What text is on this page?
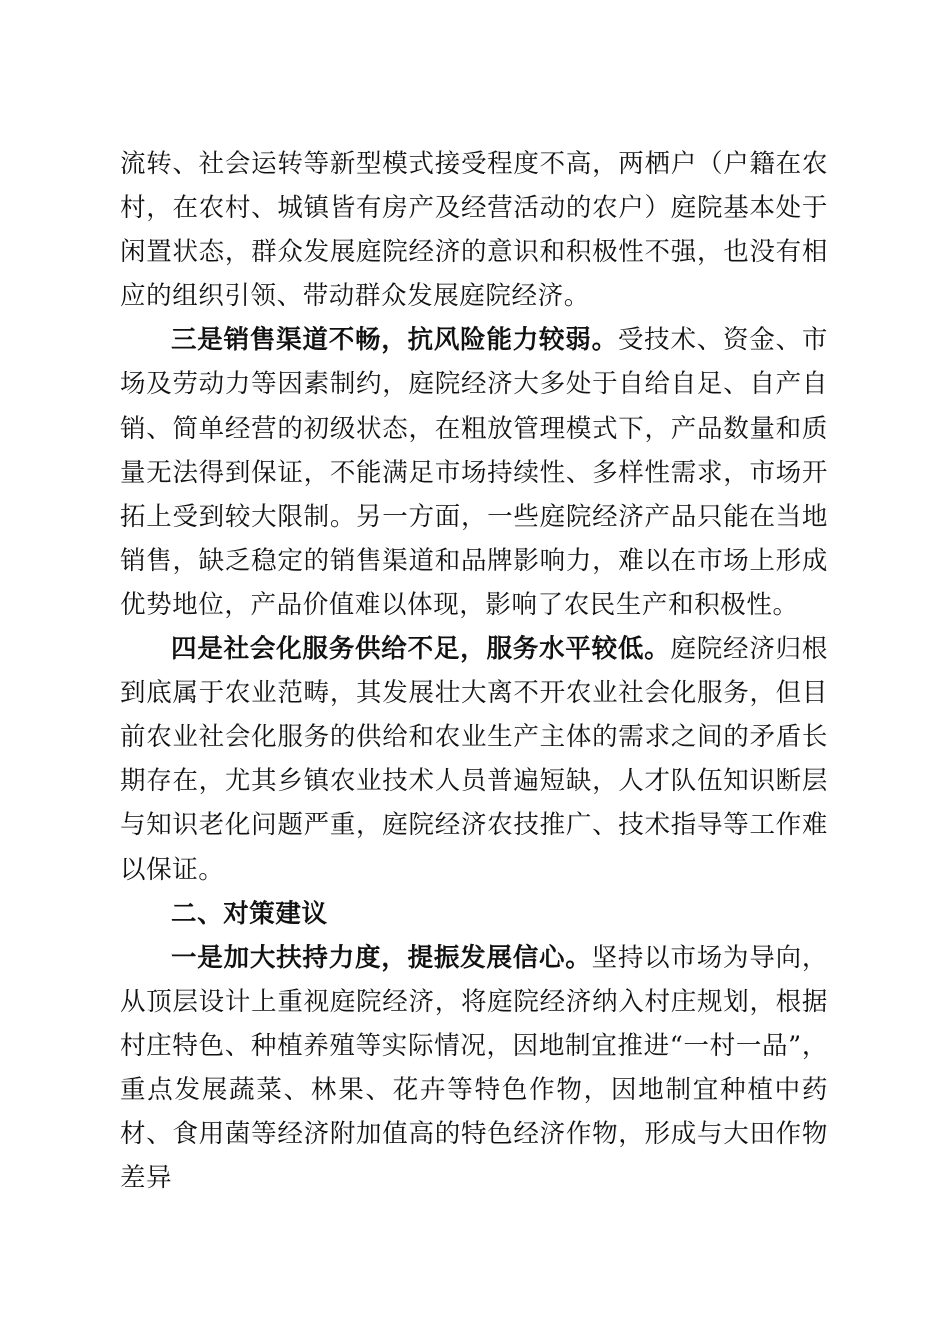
流转、社会运转等新型模式接受程度不高，两栖户（户籍在农村，在农村、城镇皆有房产及经营活动的农户）庭院基本处于闲置状态，群众发展庭院经济的意识和积极性不强，也没有相应的组织引领、带动群众发展庭院经济。

三是销售渠道不畅，抗风险能力较弱。受技术、资金、市场及劳动力等因素制约，庭院经济大多处于自给自足、自产自销、简单经营的初级状态，在粗放管理模式下，产品数量和质量无法得到保证，不能满足市场持续性、多样性需求，市场开拓上受到较大限制。另一方面，一些庭院经济产品只能在当地销售，缺乏稳定的销售渠道和品牌影响力，难以在市场上形成优势地位，产品价值难以体现，影响了农民生产和积极性。

四是社会化服务供给不足，服务水平较低。庭院经济归根到底属于农业范畴，其发展壮大离不开农业社会化服务，但目前农业社会化服务的供给和农业生产主体的需求之间的矛盾长期存在，尤其乡镇农业技术人员普遍短缺，人才队伍知识断层与知识老化问题严重，庭院经济农技推广、技术指导等工作难以保证。

二、对策建议

一是加大扶持力度，提振发展信心。坚持以市场为导向，从顶层设计上重视庭院经济，将庭院经济纳入村庄规划，根据村庄特色、种植养殖等实际情况，因地制宜推进“一村一品”，重点发展蔬菜、林果、花卉等特色作物，因地制宜种植中药材、食用菌等经济附加值高的特色经济作物，形成与大田作物差异
